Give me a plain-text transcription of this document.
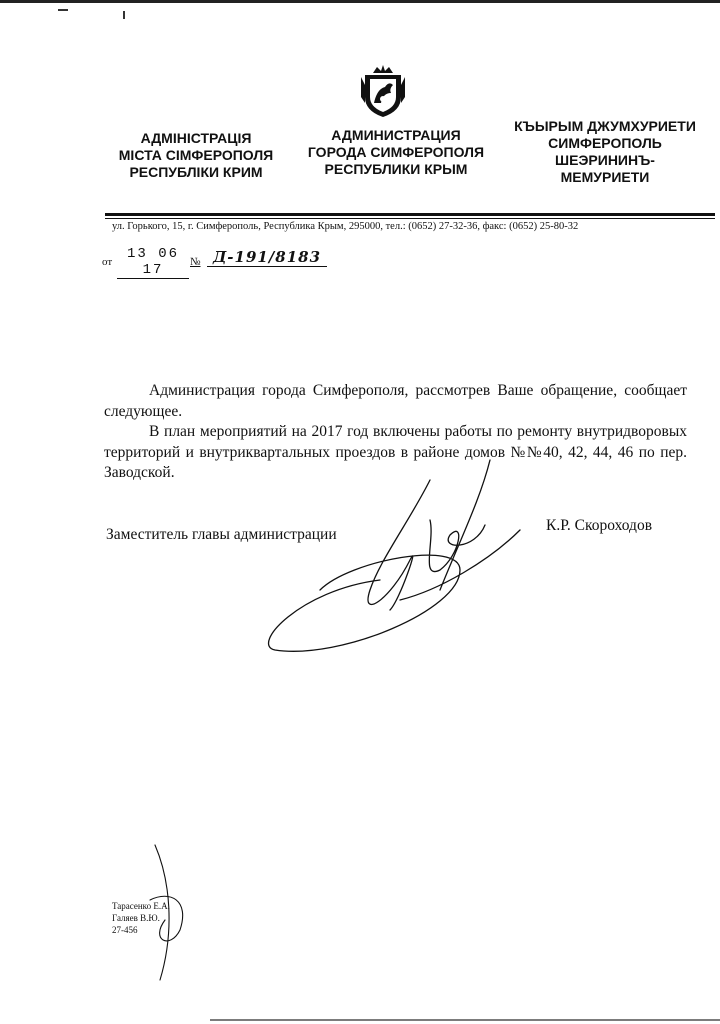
АДМІНІСТРАЦІЯ
МІСТА СІМФЕРОПОЛЯ
РЕСПУБЛІКИ КРИМ
АДМИНИСТРАЦИЯ
ГОРОДА СИМФЕРОПОЛЯ
РЕСПУБЛИКИ КРЫМ
КЪЫРЫМ ДЖУМХУРИЕТИ
СИМФЕРОПОЛЬ
ШЕЭРИНИНЪ-
МЕМУРИЕТИ
ул. Горького, 15, г. Симферополь, Республика Крым, 295000, тел.: (0652) 27-32-36, факс: (0652) 25-80-32
от	13 06 17	№ Д-191/8183

Администрация города Симферополя, рассмотрев Ваше обращение, сообщает следующее.

В план мероприятий на 2017 год включены работы по ремонту внутридворовых территорий и внутриквартальных проездов в районе домов №№40, 42, 44, 46 по пер. Заводской.

Заместитель главы администрации
К.Р. Скороходов
Тарасенко Е.А.
Галяев В.Ю.
27-456
